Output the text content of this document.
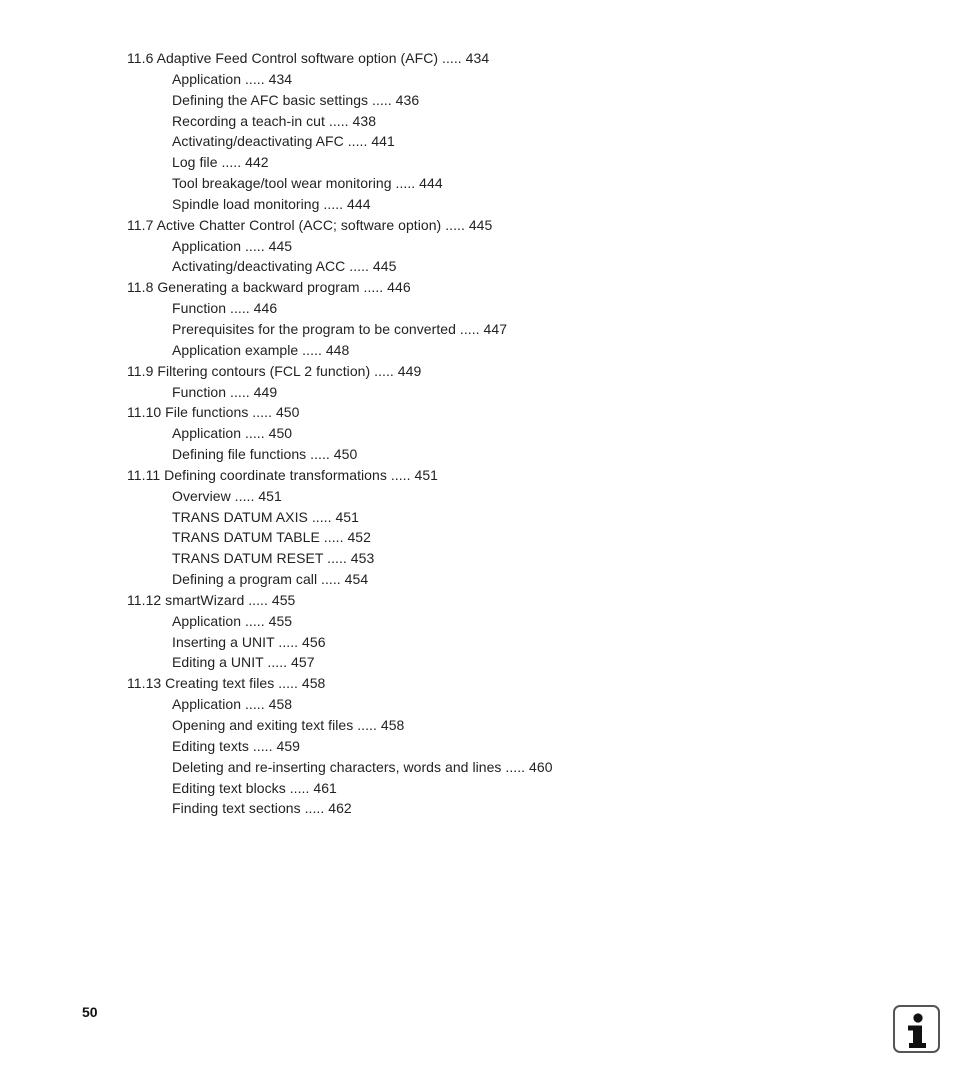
11.6 Adaptive Feed Control software option (AFC) ..... 434
Application ..... 434
Defining the AFC basic settings ..... 436
Recording a teach-in cut ..... 438
Activating/deactivating AFC ..... 441
Log file ..... 442
Tool breakage/tool wear monitoring ..... 444
Spindle load monitoring ..... 444
11.7 Active Chatter Control (ACC; software option) ..... 445
Application ..... 445
Activating/deactivating ACC ..... 445
11.8 Generating a backward program ..... 446
Function ..... 446
Prerequisites for the program to be converted ..... 447
Application example ..... 448
11.9 Filtering contours (FCL 2 function) ..... 449
Function ..... 449
11.10 File functions ..... 450
Application ..... 450
Defining file functions ..... 450
11.11 Defining coordinate transformations ..... 451
Overview ..... 451
TRANS DATUM AXIS ..... 451
TRANS DATUM TABLE ..... 452
TRANS DATUM RESET ..... 453
Defining a program call ..... 454
11.12 smartWizard ..... 455
Application ..... 455
Inserting a UNIT ..... 456
Editing a UNIT ..... 457
11.13 Creating text files ..... 458
Application ..... 458
Opening and exiting text files ..... 458
Editing texts ..... 459
Deleting and re-inserting characters, words and lines ..... 460
Editing text blocks ..... 461
Finding text sections ..... 462
50
